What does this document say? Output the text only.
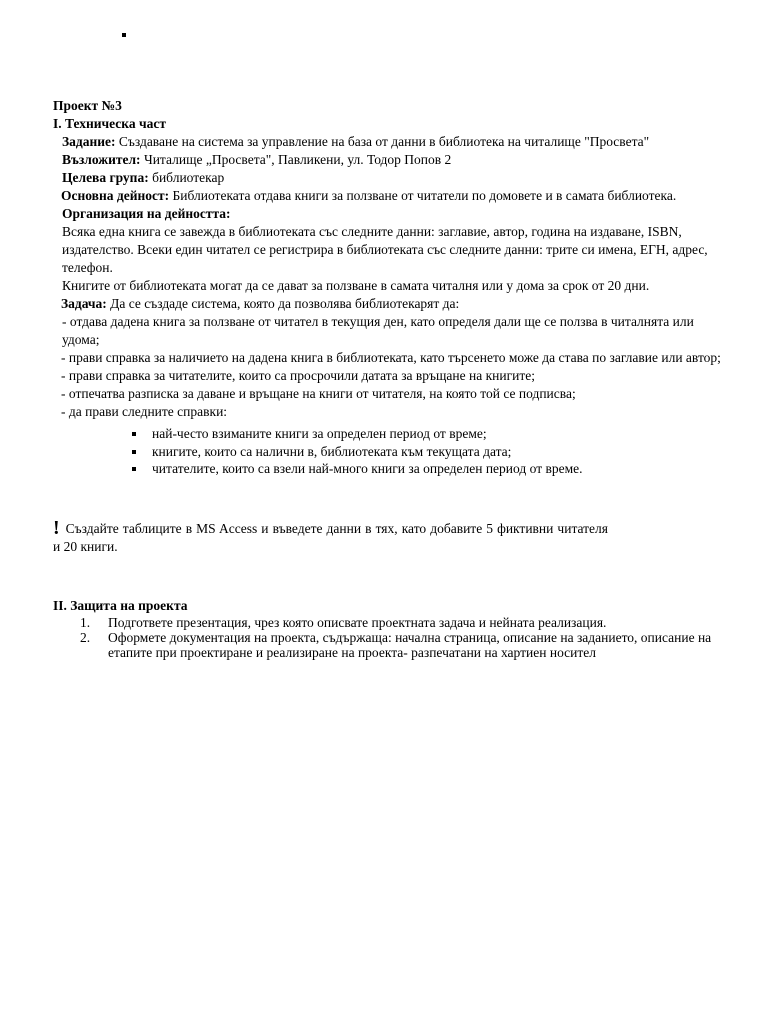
Проект №3
I. Техническа част
Задание: Създаване на система за управление на база от данни в библиотека на читалище "Просвета"
Възложител: Читалище „Просвета", Павликени, ул. Тодор Попов 2
Целева група: библиотекар
Основна дейност: Библиотеката отдава книги за ползване от читатели по домовете и в самата библиотека.
Организация на дейността:
Всяка една книга се завежда в библиотеката със следните данни: заглавие, автор, година на издаване, ISBN, издателство. Всеки един читател се регистрира в библиотеката със следните данни: трите си имена, ЕГН, адрес, телефон.
Книгите от библиотеката могат да се дават за ползване в самата читалня или у дома за срок от 20 дни.
Задача: Да се създаде система, която да позволява библиотекарят да:
- отдава дадена книга за ползване от читател в текущия ден, като определя дали ще се ползва в читалнята или удома;
- прави справка за наличието на дадена книга в библиотеката, като търсенето може да става по заглавие или автор;
- прави справка за читателите, които са просрочили датата за връщане на книгите;
- отпечатва разписка за даване и връщане на книги от читателя, на която той се подписва;
- да прави следните справки:
най-често взиманите книги за определен период от време;
книгите, които са налични в, библиотеката към текущата дата;
читателите, които са взели най-много книги за определен период от време.
! Създайте таблиците в MS Access и въведете данни в тях, като добавите 5 фиктивни читателя и 20 книги.
II. Защита на проекта
1. Подгответе презентация, чрез която описвате проектната задача и нейната реализация.
2. Оформете документация на проекта, съдържаща: начална страница, описание на заданието, описание на етапите при проектиране и реализиране на проекта- разпечатани на хартиен носител
